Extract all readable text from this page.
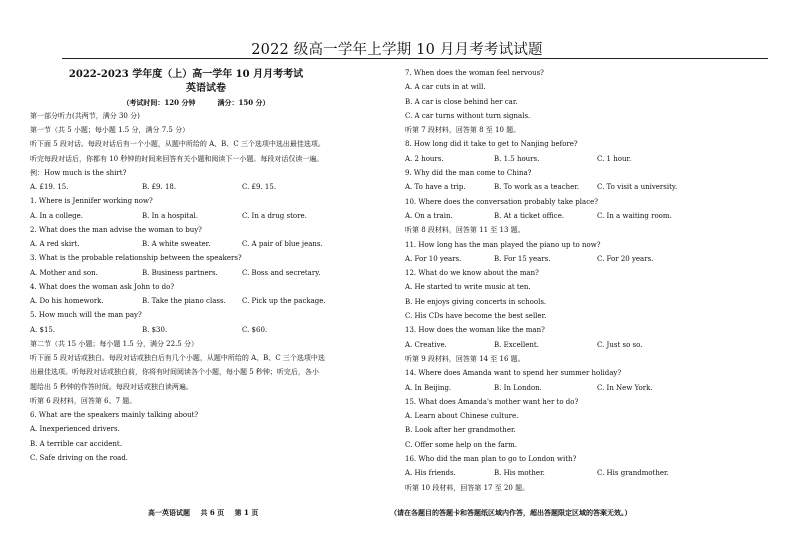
2022 级高一学年上学期 10 月月考考试试题
2022-2023 学年度（上）高一学年 10 月月考考试
英语试卷
（考试时间：120 分钟	满分：150 分）
第一部分听力(共两节，满分 30 分)
第一节（共 5 小题；每小题 1.5 分，满分 7.5 分）
听下面 5 段对话。每段对话后有一个小题，从题中所给的 A、B、C 三个选项中选出最佳选项。
听完每段对话后，你都有 10 秒钟的时间来回答有关小题和阅读下一小题。每段对话仅读一遍。
例：How much is the shirt?
A. £19. 15.	B. £9. 18.	C. £9. 15.
1. Where is Jennifer working now?
A. In a college.	B. In a hospital.	C. In a drug store.
2. What does the man advise the woman to buy?
A. A red skirt.	B. A white sweater.	C. A pair of blue jeans.
3. What is the probable relationship between the speakers?
A. Mother and son.	B. Business partners.	C. Boss and secretary.
4. What does the woman ask John to do?
A. Do his homework.	B. Take the piano class.	C. Pick up the package.
5. How much will the man pay?
A. $15.	B. $30.	C. $60.
第二节（共 15 小题；每小题 1.5 分，满分 22.5 分）
听下面 5 段对话或独白。每段对话或独白后有几个小题，从题中所给的 A、B、C 三个选项中选
出最佳选项。听每段对话或独白前，你将有时间阅读各个小题，每小题 5 秒钟；听完后，各小
题给出 5 秒钟的作答时间。每段对话或独白读两遍。
听第 6 段材料，回答第 6、7 题。
6. What are the speakers mainly talking about?
A. Inexperienced drivers.
B. A terrible car accident.
C. Safe driving on the road.
7. When does the woman feel nervous?
A. A car cuts in at will.
B. A car is close behind her car.
C. A car turns without turn signals.
听第 7 段材料，回答第 8 至 10 题。
8. How long did it take to get to Nanjing before?
A. 2 hours.	B. 1.5 hours.	C. 1 hour.
9. Why did the man come to China?
A. To have a trip.	B. To work as a teacher.	C. To visit a university.
10. Where does the conversation probably take place?
A. On a train.	B. At a ticket office.	C. In a waiting room.
听第 8 段材料，回答第 11 至 13 题。
11. How long has the man played the piano up to now?
A. For 10 years.	B. For 15 years.	C. For 20 years.
12. What do we know about the man?
A. He started to write music at ten.
B. He enjoys giving concerts in schools.
C. His CDs have become the best seller.
13. How does the woman like the man?
A. Creative.	B. Excellent.	C. Just so so.
听第 9 段材料，回答第 14 至 16 题。
14. Where does Amanda want to spend her summer holiday?
A. In Beijing.	B. In London.	C. In New York.
15. What does Amanda's mother want her to do?
A. Learn about Chinese culture.
B. Look after her grandmother.
C. Offer some help on the farm.
16. Who did the man plan to go to London with?
A. His friends.	B. His mother.	C. His grandmother.
听第 10 段材料，回答第 17 至 20 题。
高一英语试题 共 6 页 第 1 页	（请在各题目的答题卡和答题纸区域内作答，超出答题限定区域的答案无效。）
